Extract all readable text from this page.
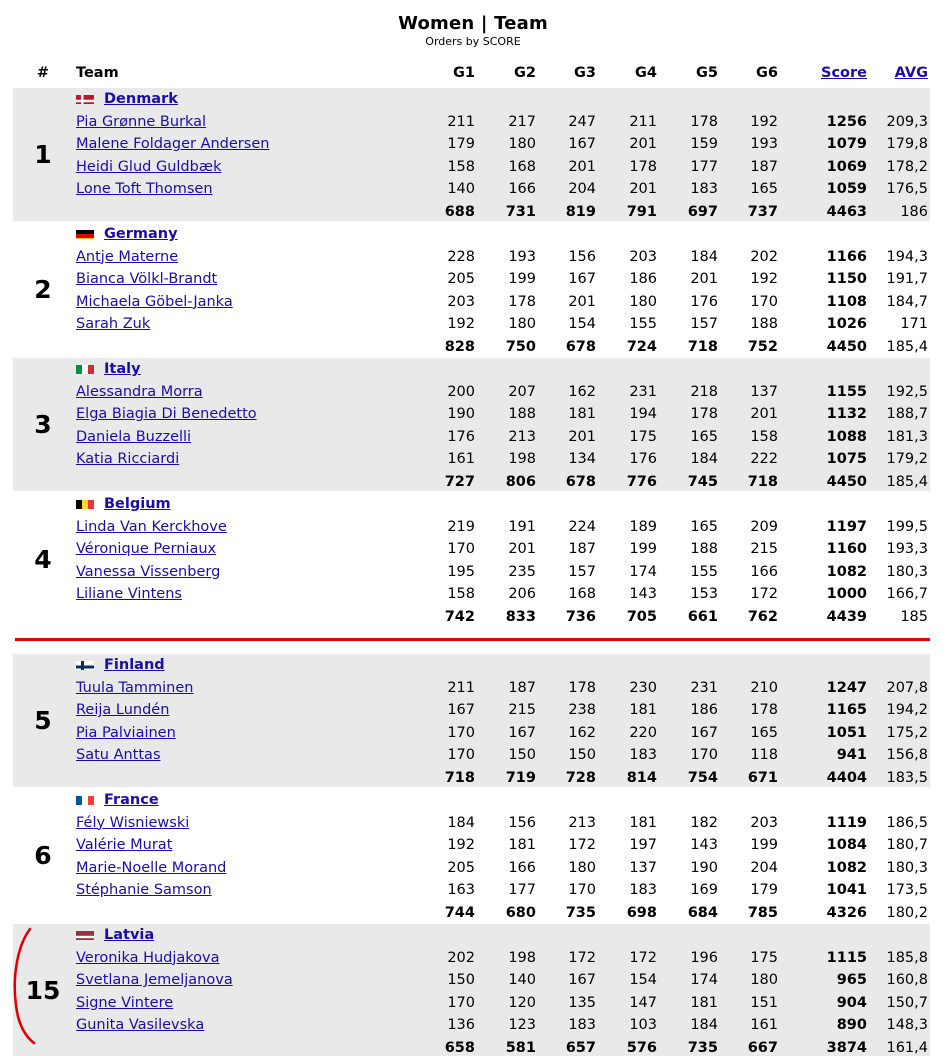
Women | Team
Orders by SCORE
#	Team	G1	G2	G3	G4	G5	G6	Score	AVG
1
Denmark
Pia Grønne Burkal	211 217 247 211 178 192	1256 209,3
Malene Foldager Andersen	179 180 167 201 159 193	1079 179,8
Heidi Glud Guldbæk	158 168 201 178 177 187	1069 178,2
Lone Toft Thomsen	140 166 204 201 183 165	1059 176,5
688 731 819 791 697 737	4463 186
2
Germany
Antje Materne	228 193 156 203 184 202	1166 194,3
Bianca Völkl-Brandt	205 199 167 186 201 192	1150 191,7
Michaela Göbel-Janka	203 178 201 180 176 170	1108 184,7
Sarah Zuk	192 180 154 155 157 188	1026 171
828 750 678 724 718 752	4450 185,4
3
Italy
Alessandra Morra	200 207 162 231 218 137	1155 192,5
Elga Biagia Di Benedetto	190 188 181 194 178 201	1132 188,7
Daniela Buzzelli	176 213 201 175 165 158	1088 181,3
Katia Ricciardi	161 198 134 176 184 222	1075 179,2
727 806 678 776 745 718	4450 185,4
4
Belgium
Linda Van Kerckhove	219 191 224 189 165 209	1197 199,5
Véronique Perniaux	170 201 187 199 188 215	1160 193,3
Vanessa Vissenberg	195 235 157 174 155 166	1082 180,3
Liliane Vintens	158 206 168 143 153 172	1000 166,7
742 833 736 705 661 762	4439 185
5
Finland
Tuula Tamminen	211 187 178 230 231 210	1247 207,8
Reija Lundén	167 215 238 181 186 178	1165 194,2
Pia Palviainen	170 167 162 220 167 165	1051 175,2
Satu Anttas	170 150 150 183 170 118	941 156,8
718 719 728 814 754 671	4404 183,5
6
France
Fély Wisniewski	184 156 213 181 182 203	1119 186,5
Valérie Murat	192 181 172 197 143 199	1084 180,7
Marie-Noelle Morand	205 166 180 137 190 204	1082 180,3
Stéphanie Samson	163 177 170 183 169 179	1041 173,5
744 680 735 698 684 785	4326 180,2
15
Latvia
Veronika Hudjakova	202 198 172 172 196 175	1115 185,8
Svetlana Jemeljanova	150 140 167 154 174 180	965 160,8
Signe Vintere	170 120 135 147 181 151	904 150,7
Gunita Vasilevska	136 123 183 103 184 161	890 148,3
658 581 657 576 735 667	3874 161,4
